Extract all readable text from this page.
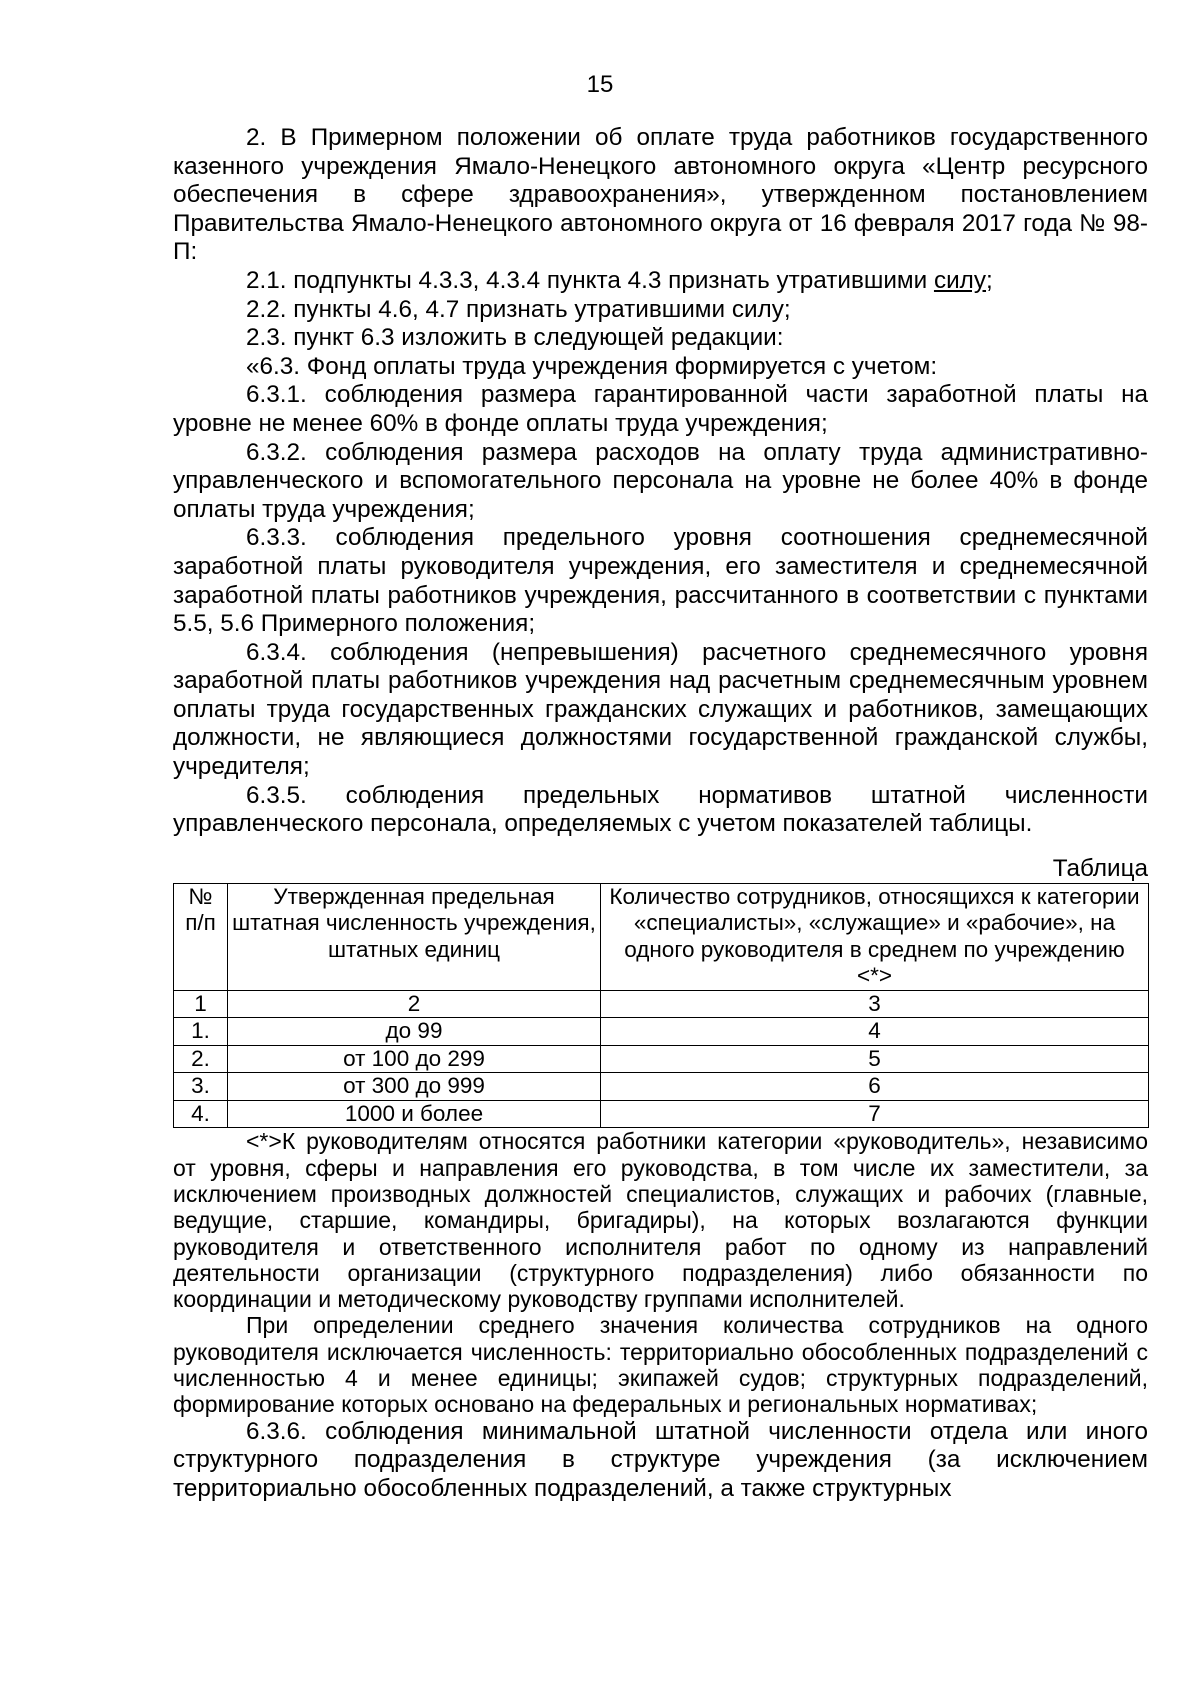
15

2. В Примерном положении об оплате труда работников государственного казенного учреждения Ямало-Ненецкого автономного округа «Центр ресурсного обеспечения в сфере здравоохранения», утвержденном постановлением Правительства Ямало-Ненецкого автономного округа от 16 февраля 2017 года № 98-П:

2.1. подпункты 4.3.3, 4.3.4 пункта 4.3 признать утратившими силу;

2.2. пункты 4.6, 4.7 признать утратившими силу;

2.3. пункт 6.3 изложить в следующей редакции:

«6.3. Фонд оплаты труда учреждения формируется с учетом:

6.3.1. соблюдения размера гарантированной части заработной платы на уровне не менее 60% в фонде оплаты труда учреждения;

6.3.2. соблюдения размера расходов на оплату труда административно-управленческого и вспомогательного персонала на уровне не более 40% в фонде оплаты труда учреждения;

6.3.3. соблюдения предельного уровня соотношения среднемесячной заработной платы руководителя учреждения, его заместителя и среднемесячной заработной платы работников учреждения, рассчитанного в соответствии с пунктами 5.5, 5.6 Примерного положения;

6.3.4. соблюдения (непревышения) расчетного среднемесячного уровня заработной платы работников учреждения над расчетным среднемесячным уровнем оплаты труда государственных гражданских служащих и работников, замещающих должности, не являющиеся должностями государственной гражданской службы, учредителя;

6.3.5. соблюдения предельных нормативов штатной численности управленческого персонала, определяемых с учетом показателей таблицы.

Таблица
№ п/п	Утвержденная предельная штатная численность учреждения, штатных единиц	Количество сотрудников, относящихся к категории «специалисты», «служащие» и «рабочие», на одного руководителя в среднем по учреждению <*>
1	2	3
1.	до 99	4
2.	от 100 до 299	5
3.	от 300 до 999	6
4.	1000 и более	7

<*>К руководителям относятся работники категории «руководитель», независимо от уровня, сферы и направления его руководства, в том числе их заместители, за исключением производных должностей специалистов, служащих и рабочих (главные, ведущие, старшие, командиры, бригадиры), на которых возлагаются функции руководителя и ответственного исполнителя работ по одному из направлений деятельности организации (структурного подразделения) либо обязанности по координации и методическому руководству группами исполнителей.

При определении среднего значения количества сотрудников на одного руководителя исключается численность: территориально обособленных подразделений с численностью 4 и менее единицы; экипажей судов; структурных подразделений, формирование которых основано на федеральных и региональных нормативах;

6.3.6. соблюдения минимальной штатной численности отдела или иного структурного подразделения в структуре учреждения (за исключением территориально обособленных подразделений, а также структурных
